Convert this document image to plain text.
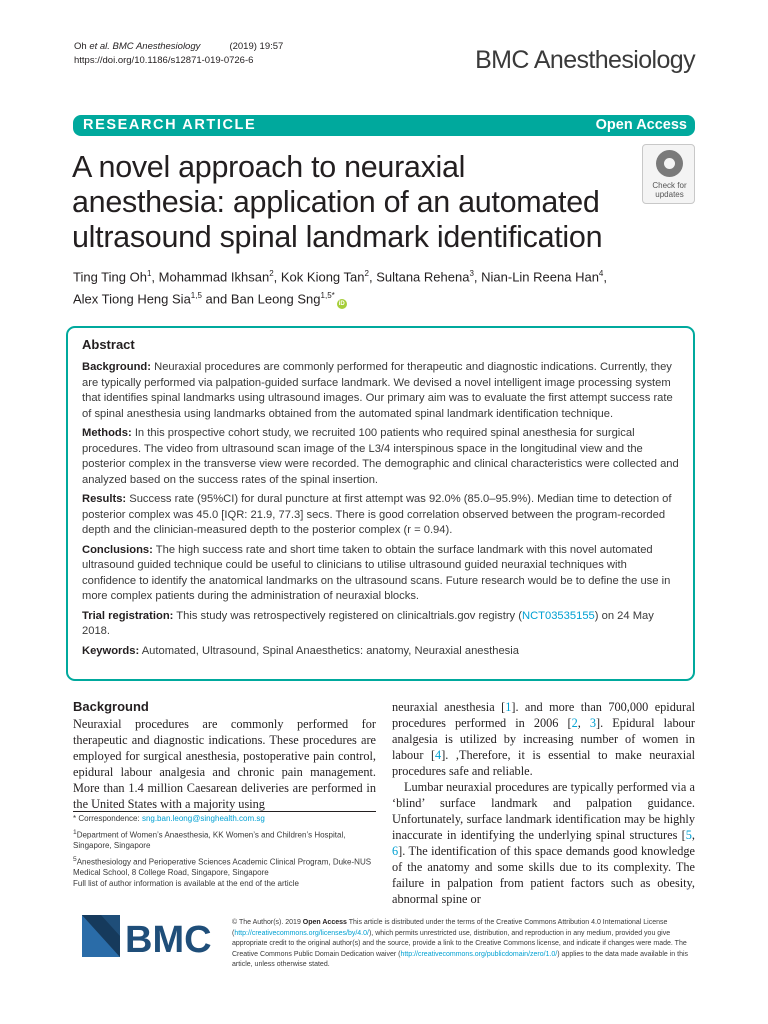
Oh et al. BMC Anesthesiology	(2019) 19:57
https://doi.org/10.1186/s12871-019-0726-6	BMC Anesthesiology
RESEARCH ARTICLE	Open Access
A novel approach to neuraxial anesthesia: application of an automated ultrasound spinal landmark identification
Check for
updates
Ting Ting Oh$^1$, Mohammad Ikhsan$^2$, Kok Kiong Tan$^2$, Sultana Rehena$^3$, Nian-Lin Reena Han$^4$,
Alex Tiong Heng Sia$^{1,5}$ and Ban Leong Sng$^{1,5*}$iD
Abstract

Background: Neuraxial procedures are commonly performed for therapeutic and diagnostic indications. Currently, they are typically performed via palpation-guided surface landmark. We devised a novel intelligent image processing system that identifies spinal landmarks using ultrasound images. Our primary aim was to evaluate the first attempt success rate of spinal anesthesia using landmarks obtained from the automated spinal landmark identification technique.

Methods: In this prospective cohort study, we recruited 100 patients who required spinal anesthesia for surgical procedures. The video from ultrasound scan image of the L3/4 interspinous space in the longitudinal view and the posterior complex in the transverse view were recorded. The demographic and clinical characteristics were collected and analyzed based on the success rates of the spinal insertion.

Results: Success rate (95%CI) for dural puncture at first attempt was 92.0% (85.0–95.9%). Median time to detection of posterior complex was 45.0 [IQR: 21.9, 77.3] secs. There is good correlation observed between the program-recorded depth and the clinician-measured depth to the posterior complex (r = 0.94).

Conclusions: The high success rate and short time taken to obtain the surface landmark with this novel automated ultrasound guided technique could be useful to clinicians to utilise ultrasound guided neuraxial techniques with confidence to identify the anatomical landmarks on the ultrasound scans. Future research would be to define the use in more complex patients during the administration of neuraxial blocks.

Trial registration: This study was retrospectively registered on clinicaltrials.gov registry (NCT03535155) on 24 May 2018.

Keywords: Automated, Ultrasound, Spinal Anaesthetics: anatomy, Neuraxial anesthesia

Background

Neuraxial procedures are commonly performed for therapeutic and diagnostic indications. These procedures are employed for surgical anesthesia, postoperative pain control, epidural labour analgesia and chronic pain management. More than 1.4 million Caesarean deliveries are performed in the United States with a majority using

neuraxial anesthesia [1]. and more than 700,000 epidural procedures performed in 2006 [2, 3]. Epidural labour analgesia is utilized by increasing number of women in labour [4]. ,Therefore, it is essential to make neuraxial procedures safe and reliable.

Lumbar neuraxial procedures are typically performed via a ‘blind’ surface landmark and palpation guidance. Unfortunately, surface landmark identification may be highly inaccurate in identifying the underlying spinal structures [5, 6]. The identification of this space demands good knowledge of the anatomy and some skills due to its complexity. The failure in palpation from patient factors such as obesity, abnormal spine or

* Correspondence: sng.ban.leong@singhealth.com.sg
$^1$Department of Women’s Anaesthesia, KK Women’s and Children’s Hospital, Singapore, Singapore
$^5$Anesthesiology and Perioperative Sciences Academic Clinical Program, Duke-NUS Medical School, 8 College Road, Singapore, Singapore
Full list of author information is available at the end of the article
BMC	© The Author(s). 2019 Open Access This article is distributed under the terms of the Creative Commons Attribution 4.0 International License (http://creativecommons.org/licenses/by/4.0/), which permits unrestricted use, distribution, and reproduction in any medium, provided you give appropriate credit to the original author(s) and the source, provide a link to the Creative Commons license, and indicate if changes were made. The Creative Commons Public Domain Dedication waiver (http://creativecommons.org/publicdomain/zero/1.0/) applies to the data made available in this article, unless otherwise stated.
